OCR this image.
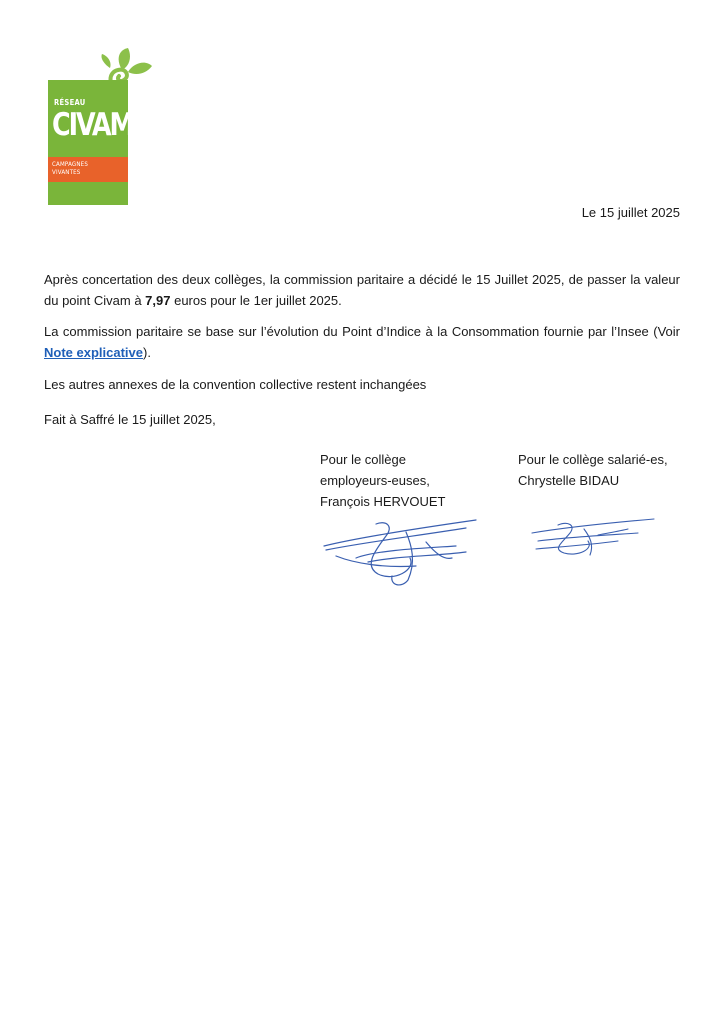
RÉSEAU
CIVAM
CAMPAGNES
VIVANTES
Le 15 juillet 2025

Après concertation des deux collèges, la commission paritaire a décidé le 15 Juillet 2025, de passer la valeur du point Civam à 7,97 euros pour le 1er juillet 2025.

La commission paritaire se base sur l’évolution du Point d’Indice à la Consommation fournie par l’Insee (Voir Note explicative).

Les autres annexes de la convention collective restent inchangées

Fait à Saffré le 15 juillet 2025,

Pour le collège
employeurs-euses,
François HERVOUET
Pour le collège salarié-es,
Chrystelle BIDAU
